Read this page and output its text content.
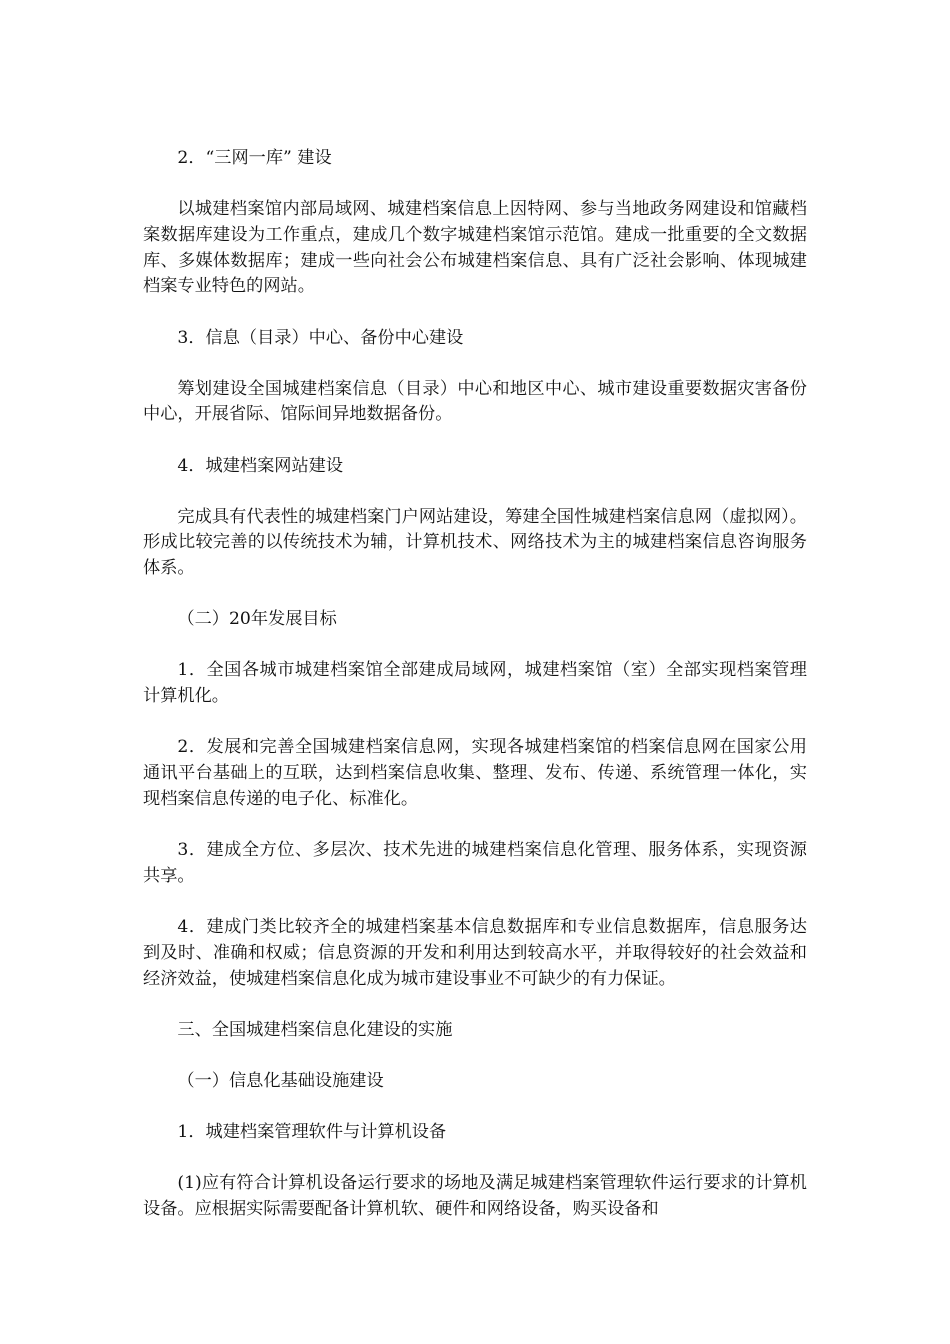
2．“三网一库” 建设

以城建档案馆内部局域网、城建档案信息上因特网、参与当地政务网建设和馆藏档案数据库建设为工作重点，建成几个数字城建档案馆示范馆。建成一批重要的全文数据库、多媒体数据库；建成一些向社会公布城建档案信息、具有广泛社会影响、体现城建档案专业特色的网站。

3．信息（目录）中心、备份中心建设

筹划建设全国城建档案信息（目录）中心和地区中心、城市建设重要数据灾害备份中心，开展省际、馆际间异地数据备份。

4．城建档案网站建设

完成具有代表性的城建档案门户网站建设，筹建全国性城建档案信息网（虚拟网）。形成比较完善的以传统技术为辅，计算机技术、网络技术为主的城建档案信息咨询服务体系。

（二）20年发展目标

1．全国各城市城建档案馆全部建成局域网，城建档案馆（室）全部实现档案管理计算机化。

2．发展和完善全国城建档案信息网，实现各城建档案馆的档案信息网在国家公用通讯平台基础上的互联，达到档案信息收集、整理、发布、传递、系统管理一体化，实现档案信息传递的电子化、标准化。

3．建成全方位、多层次、技术先进的城建档案信息化管理、服务体系，实现资源共享。

4．建成门类比较齐全的城建档案基本信息数据库和专业信息数据库，信息服务达到及时、准确和权威；信息资源的开发和利用达到较高水平，并取得较好的社会效益和经济效益，使城建档案信息化成为城市建设事业不可缺少的有力保证。

三、全国城建档案信息化建设的实施

（一）信息化基础设施建设

1．城建档案管理软件与计算机设备

(1)应有符合计算机设备运行要求的场地及满足城建档案管理软件运行要求的计算机设备。应根据实际需要配备计算机软、硬件和网络设备，购买设备和
